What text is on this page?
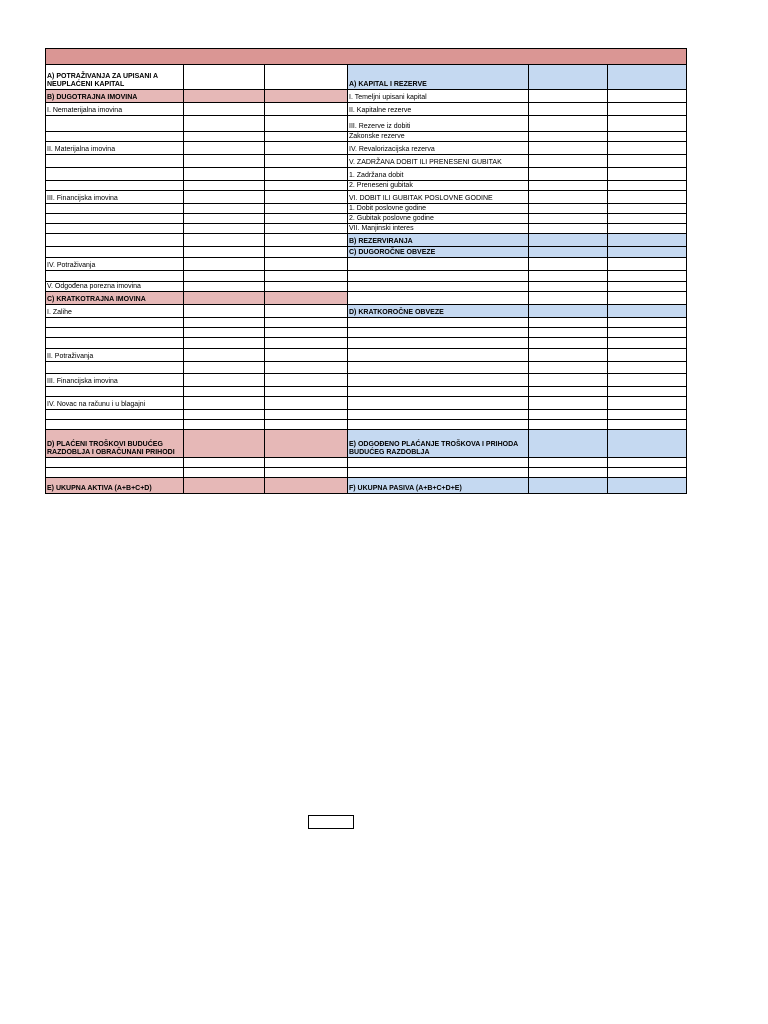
A) POTRAŽIVANJA ZA UPISANI A NEUPLAĆENI KAPITAL			A) KAPITAL I REZERVE		
B) DUGOTRAJNA IMOVINA			I. Temeljni upisani kapital		
I. Nematerijalna imovina			II. Kapitalne rezerve		
			III. Rezerve iz dobiti		
			Zakonske rezerve		
II. Materijalna imovina			IV. Revalorizacijska rezerva		
			V. ZADRŽANA DOBIT ILI PRENESENI GUBITAK		
			1. Zadržana dobit		
			2. Preneseni gubitak		
III. Financijska imovina			VI. DOBIT ILI GUBITAK POSLOVNE GODINE		
			1. Dobit poslovne godine		
			2. Gubitak poslovne godine		
			VII. Manjinski interes		
			B) REZERVIRANJA		
			C) DUGOROČNE OBVEZE		
IV. Potraživanja					

V. Odgođena porezna imovina					
C) KRATKOTRAJNA IMOVINA					
I. Zalihe			D) KRATKOROČNE OBVEZE		

II. Potraživanja					

III. Financijska imovina					

IV. Novac na računu i u blagajni					

D) PLAĆENI TROŠKOVI BUDUĆEG RAZDOBLJA I OBRAČUNANI PRIHODI			E) ODGOĐENO PLAĆANJE TROŠKOVA I PRIHODA BUDUĆEG RAZDOBLJA		

E) UKUPNA AKTIVA (A+B+C+D)			F) UKUPNA PASIVA (A+B+C+D+E)		
